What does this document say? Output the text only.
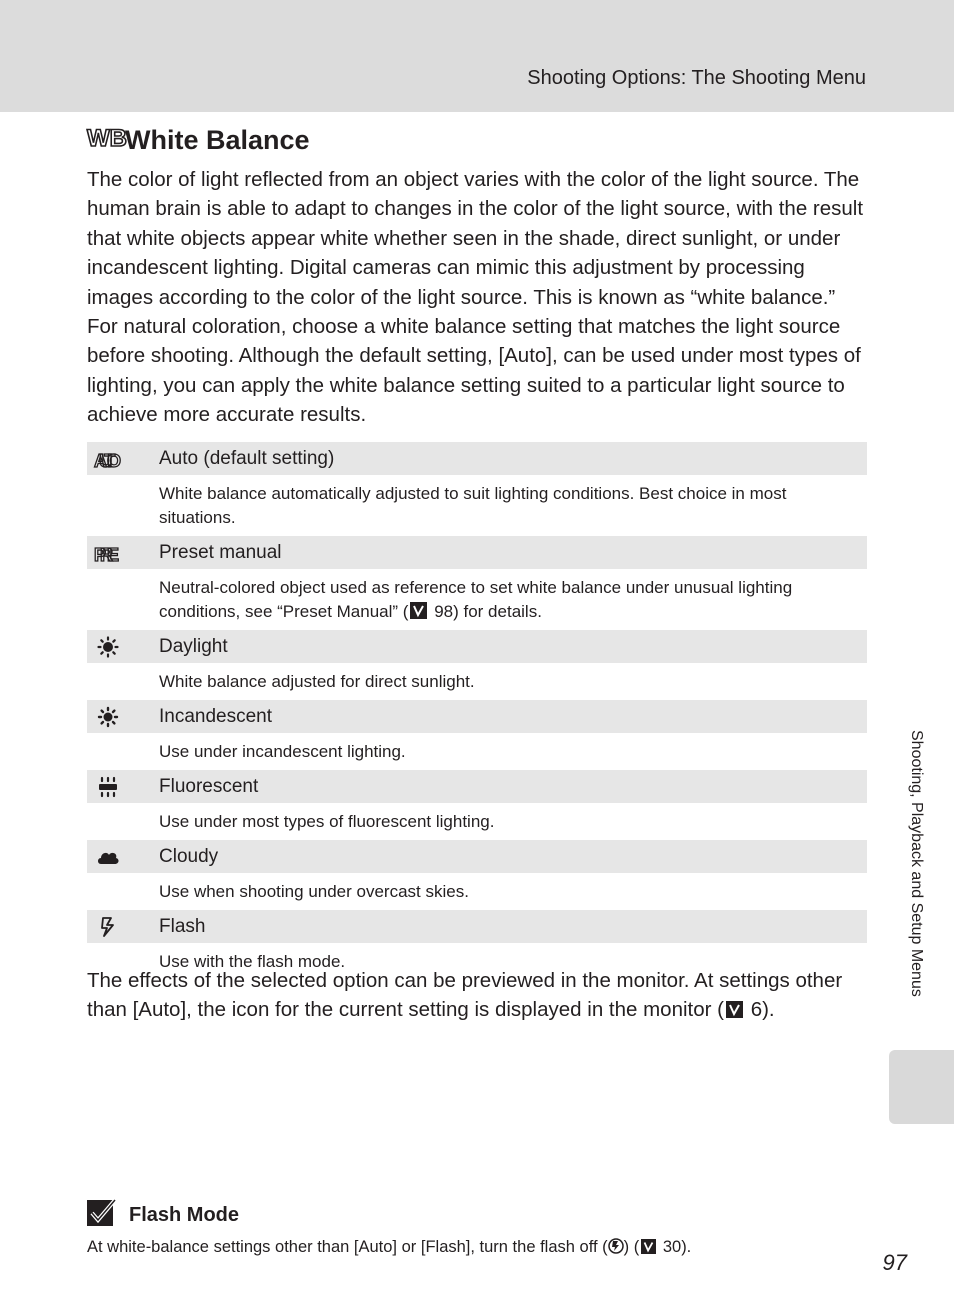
Shooting Options: The Shooting Menu
WB
White Balance

The color of light reflected from an object varies with the color of the light source. The human brain is able to adapt to changes in the color of the light source, with the result that white objects appear white whether seen in the shade, direct sunlight, or under incandescent lighting. Digital cameras can mimic this adjustment by processing images according to the color of the light source. This is known as “white balance.” For natural coloration, choose a white balance setting that matches the light source before shooting. Although the default setting, [Auto], can be used under most types of lighting, you can apply the white balance setting suited to a particular light source to achieve more accurate results.

AUTO Auto (default setting)
White balance automatically adjusted to suit lighting conditions. Best choice in most situations.
PRE Preset manual
Neutral-colored object used as reference to set white balance under unusual lighting conditions, see “Preset Manual” ( 98) for details.
Daylight
White balance adjusted for direct sunlight.
Incandescent
Use under incandescent lighting.
Fluorescent
Use under most types of fluorescent lighting.
Cloudy
Use when shooting under overcast skies.
Flash
Use with the flash mode.

The effects of the selected option can be previewed in the monitor. At settings other than [Auto], the icon for the current setting is displayed in the monitor ( 6).

Shooting, Playback and Setup Menus
Flash Mode
At white-balance settings other than [Auto] or [Flash], turn the flash off ( ) ( 30).
97
